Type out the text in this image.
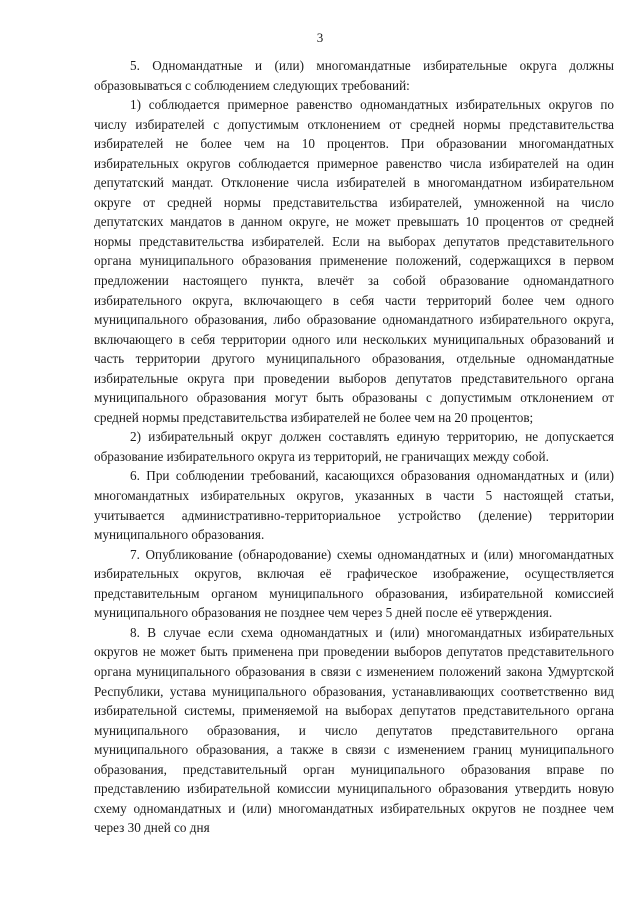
3

5. Одномандатные и (или) многомандатные избирательные округа должны образовываться с соблюдением следующих требований:

1) соблюдается примерное равенство одномандатных избирательных округов по числу избирателей с допустимым отклонением от средней нормы представительства избирателей не более чем на 10 процентов. При образовании многомандатных избирательных округов соблюдается примерное равенство числа избирателей на один депутатский мандат. Отклонение числа избирателей в многомандатном избирательном округе от средней нормы представительства избирателей, умноженной на число депутатских мандатов в данном округе, не может превышать 10 процентов от средней нормы представительства избирателей. Если на выборах депутатов представительного органа муниципального образования применение положений, содержащихся в первом предложении настоящего пункта, влечёт за собой образование одномандатного избирательного округа, включающего в себя части территорий более чем одного муниципального образования, либо образование одномандатного избирательного округа, включающего в себя территории одного или нескольких муниципальных образований и часть территории другого муниципального образования, отдельные одномандатные избирательные округа при проведении выборов депутатов представительного органа муниципального образования могут быть образованы с допустимым отклонением от средней нормы представительства избирателей не более чем на 20 процентов;

2) избирательный округ должен составлять единую территорию, не допускается образование избирательного округа из территорий, не граничащих между собой.

6. При соблюдении требований, касающихся образования одномандатных и (или) многомандатных избирательных округов, указанных в части 5 настоящей статьи, учитывается административно-территориальное устройство (деление) территории муниципального образования.

7. Опубликование (обнародование) схемы одномандатных и (или) многомандатных избирательных округов, включая её графическое изображение, осуществляется представительным органом муниципального образования, избирательной комиссией муниципального образования не позднее чем через 5 дней после её утверждения.

8. В случае если схема одномандатных и (или) многомандатных избирательных округов не может быть применена при проведении выборов депутатов представительного органа муниципального образования в связи с изменением положений закона Удмуртской Республики, устава муниципального образования, устанавливающих соответственно вид избирательной системы, применяемой на выборах депутатов представительного органа муниципального образования, и число депутатов представительного органа муниципального образования, а также в связи с изменением границ муниципального образования, представительный орган муниципального образования вправе по представлению избирательной комиссии муниципального образования утвердить новую схему одномандатных и (или) многомандатных избирательных округов не позднее чем через 30 дней со дня
